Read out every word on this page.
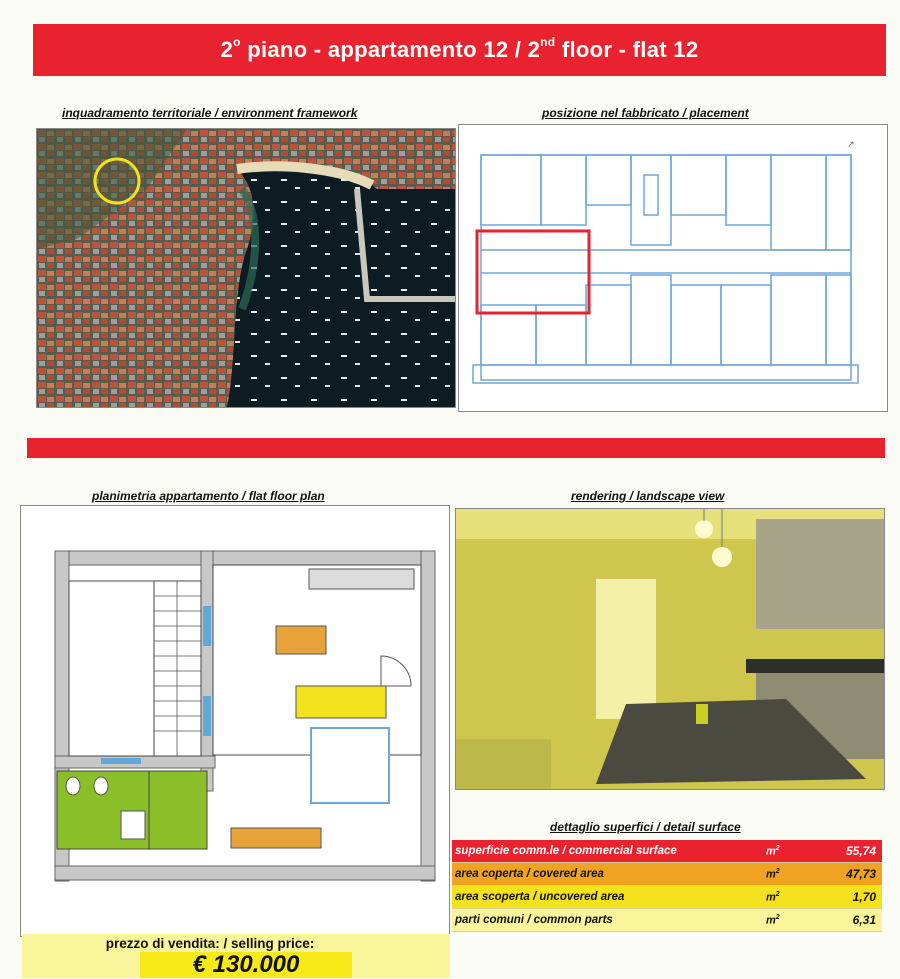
2$^o$ piano - appartamento 12 / 2nd floor - flat 12
inquadramento territoriale / environment framework	posizione nel fabbricato / placement
↗
planimetria appartamento / flat floor plan	rendering / landscape view
dettaglio superfici / detail surface
superficie comm.le / commercial surface	$m^2$	55,74
area coperta / covered area	$m^2$	47,73
area scoperta / uncovered area	$m^2$	1,70
parti comuni / common parts	$m^2$	6,31
prezzo di vendita: / selling price:
€ 130.000
